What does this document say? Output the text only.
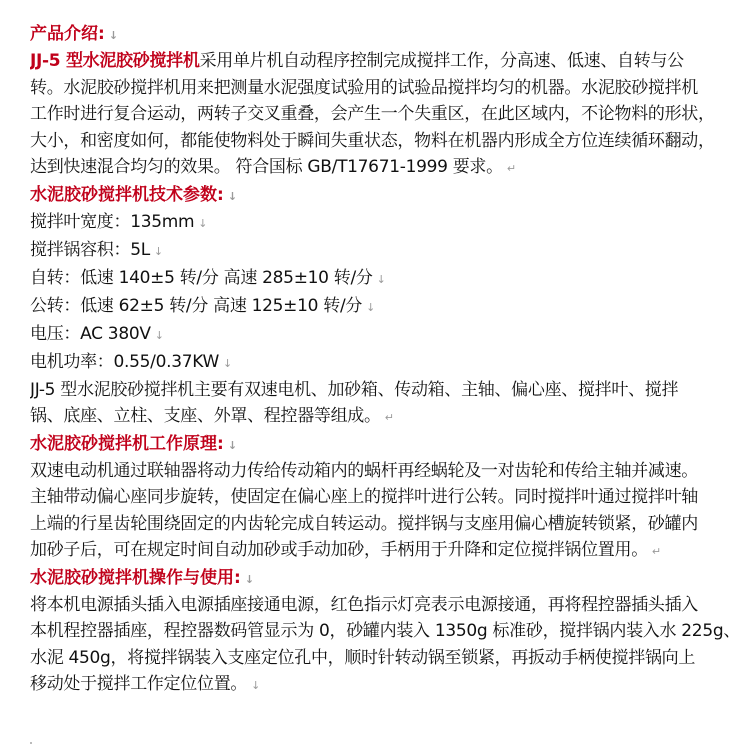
产品介绍: ↓
JJ-5 型水泥胶砂搅拌机采用单片机自动程序控制完成搅拌工作，分高速、低速、自转与公
转。水泥胶砂搅拌机用来把测量水泥强度试验用的试验品搅拌均匀的机器。水泥胶砂搅拌机
工作时进行复合运动，两转子交叉重叠，会产生一个失重区，在此区域内，不论物料的形状，
大小，和密度如何，都能使物料处于瞬间失重状态，物料在机器内形成全方位连续循环翻动，
达到快速混合均匀的效果。 符合国标 GB/T17671-1999 要求。 ↵
水泥胶砂搅拌机技术参数: ↓
搅拌叶宽度：135mm ↓
搅拌锅容积：5L ↓
自转：低速 140±5 转/分 高速 285±10 转/分 ↓
公转：低速 62±5 转/分 高速 125±10 转/分 ↓
电压：AC 380V ↓
电机功率：0.55/0.37KW ↓
JJ-5 型水泥胶砂搅拌机主要有双速电机、加砂箱、传动箱、主轴、偏心座、搅拌叶、搅拌
锅、底座、立柱、支座、外罩、程控器等组成。 ↵
水泥胶砂搅拌机工作原理: ↓
双速电动机通过联轴器将动力传给传动箱内的蜗杆再经蜗轮及一对齿轮和传给主轴并减速。
主轴带动偏心座同步旋转，使固定在偏心座上的搅拌叶进行公转。同时搅拌叶通过搅拌叶轴
上端的行星齿轮围绕固定的内齿轮完成自转运动。搅拌锅与支座用偏心槽旋转锁紧，砂罐内
加砂子后，可在规定时间自动加砂或手动加砂，手柄用于升降和定位搅拌锅位置用。 ↵
水泥胶砂搅拌机操作与使用: ↓
将本机电源插头插入电源插座接通电源，红色指示灯亮表示电源接通，再将程控器插头插入
本机程控器插座，程控器数码管显示为 0，砂罐内装入 1350g 标准砂，搅拌锅内装入水 225g、
水泥 450g，将搅拌锅装入支座定位孔中，顺时针转动锅至锁紧，再扳动手柄使搅拌锅向上
移动处于搅拌工作定位位置。 ↓
